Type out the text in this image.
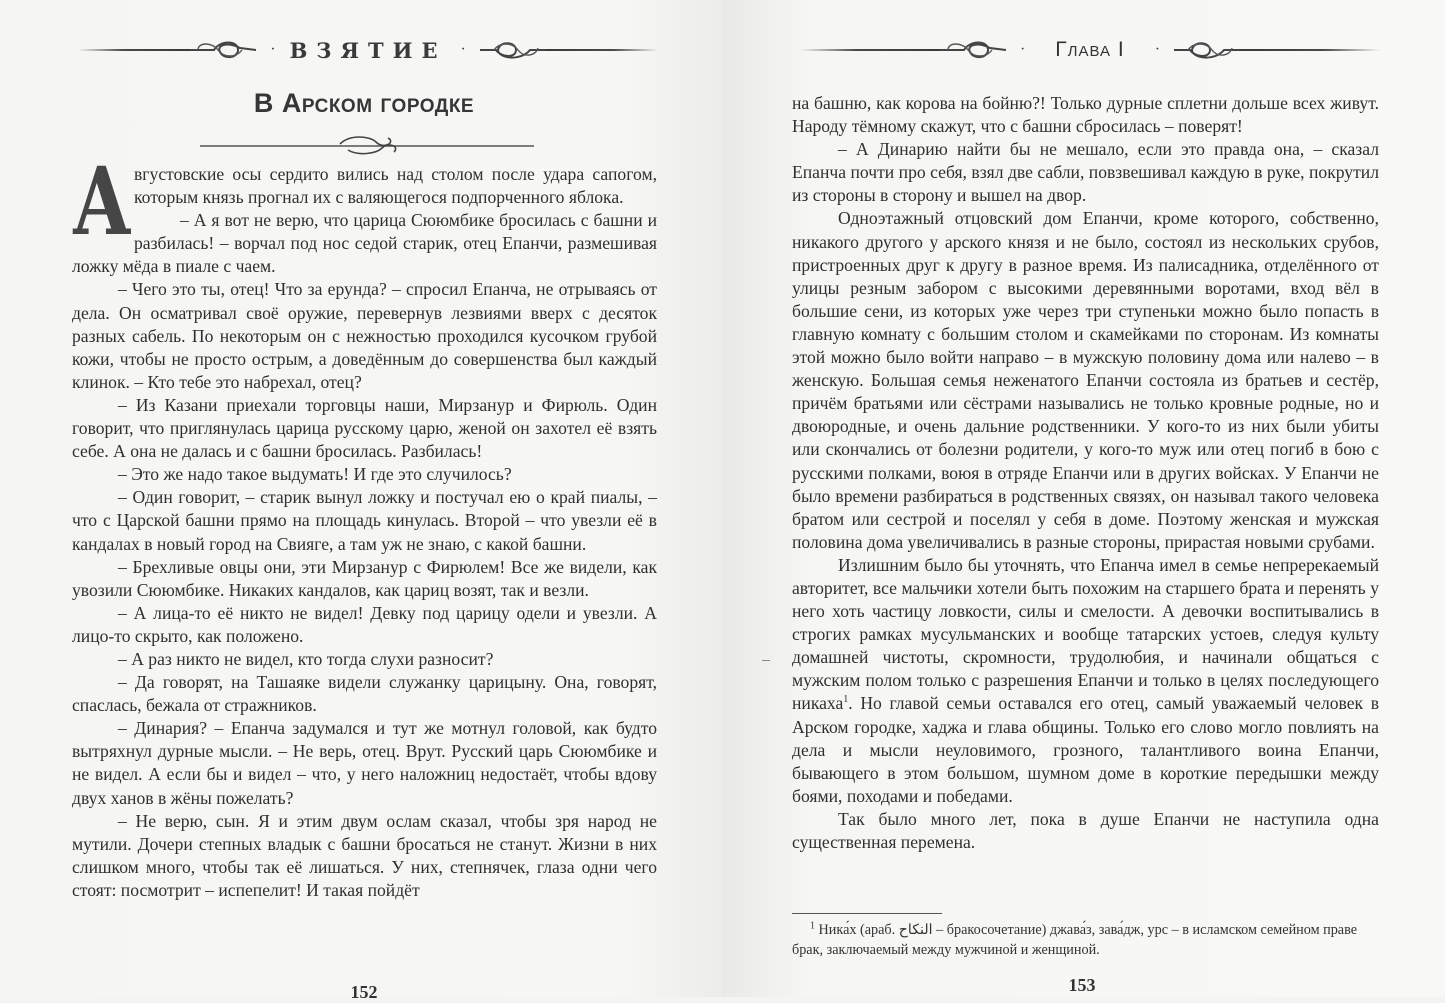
· ВЗЯТИЕ ·
В Арском городке
А вгустовские осы сердито вились над столом после удара сапогом, которым князь прогнал их с валяющегося подпорченного яблока.

– А я вот не верю, что царица Сююмбике бросилась с башни и разбилась! – ворчал под нос седой старик, отец Епанчи, размешивая ложку мёда в пиале с чаем.

– Чего это ты, отец! Что за ерунда? – спросил Епанча, не отрываясь от дела. Он осматривал своё оружие, перевернув лезвиями вверх с десяток разных сабель. По некоторым он с нежностью проходился кусочком грубой кожи, чтобы не просто острым, а доведённым до совершенства был каждый клинок. – Кто тебе это набрехал, отец?

– Из Казани приехали торговцы наши, Мирзанур и Фирюль. Один говорит, что приглянулась царица русскому царю, женой он захотел её взять себе. А она не далась и с башни бросилась. Разбилась!

– Это же надо такое выдумать! И где это случилось?

– Один говорит, – старик вынул ложку и постучал ею о край пиалы, – что с Царской башни прямо на площадь кинулась. Второй – что увезли её в кандалах в новый город на Свияге, а там уж не знаю, с какой башни.

– Брехливые овцы они, эти Мирзанур с Фирюлем! Все же видели, как увозили Сююмбике. Никаких кандалов, как цариц возят, так и везли.

– А лица-то её никто не видел! Девку под царицу одели и увезли. А лицо-то скрыто, как положено.

– А раз никто не видел, кто тогда слухи разносит?

– Да говорят, на Ташаяке видели служанку царицыну. Она, говорят, спаслась, бежала от стражников.

– Динария? – Епанча задумался и тут же мотнул головой, как будто вытряхнул дурные мысли. – Не верь, отец. Врут. Русский царь Сююмбике и не видел. А если бы и видел – что, у него наложниц недостаёт, чтобы вдову двух ханов в жёны пожелать?

– Не верю, сын. Я и этим двум ослам сказал, чтобы зря народ не мутили. Дочери степных владык с башни бросаться не станут. Жизни в них слишком много, чтобы так её лишаться. У них, степнячек, глаза одни чего стоят: посмотрит – испепелит! И такая пойдёт

152
· Глава I ·

на башню, как корова на бойню?! Только дурные сплетни дольше всех живут. Народу тёмному скажут, что с башни сбросилась – поверят!

– А Динарию найти бы не мешало, если это правда она, – сказал Епанча почти про себя, взял две сабли, повзвешивал каждую в руке, покрутил из стороны в сторону и вышел на двор.

Одноэтажный отцовский дом Епанчи, кроме которого, собственно, никакого другого у арского князя и не было, состоял из нескольких срубов, пристроенных друг к другу в разное время. Из палисадника, отделённого от улицы резным забором с высокими деревянными воротами, вход вёл в большие сени, из которых уже через три ступеньки можно было попасть в главную комнату с большим столом и скамейками по сторонам. Из комнаты этой можно было войти направо – в мужскую половину дома или налево – в женскую. Большая семья неженатого Епанчи состояла из братьев и сестёр, причём братьями или сёстрами назывались не только кровные родные, но и двоюродные, и очень дальние родственники. У кого-то из них были убиты или скончались от болезни родители, у кого-то муж или отец погиб в бою с русскими полками, воюя в отряде Епанчи или в других войсках. У Епанчи не было времени разбираться в родственных связях, он называл такого человека братом или сестрой и поселял у себя в доме. Поэтому женская и мужская половина дома увеличивались в разные стороны, прирастая новыми срубами.

Излишним было бы уточнять, что Епанча имел в семье непререкаемый авторитет, все мальчики хотели быть похожим на старшего брата и перенять у него хоть частицу ловкости, силы и смелости. А девочки воспитывались в строгих рамках мусульманских и вообще татарских устоев, следуя культу домашней чистоты, скромности, трудолюбия, и начинали общаться с мужским полом только с разрешения Епанчи и только в целях последующего никаха$^1$. Но главой семьи оставался его отец, самый уважаемый человек в Арском городке, хаджа и глава общины. Только его слово могло повлиять на дела и мысли неуловимого, грозного, талантливого воина Епанчи, бывающего в этом большом, шумном доме в короткие передышки между боями, походами и победами.

Так было много лет, пока в душе Епанчи не наступила одна существенная перемена.

$^1$ Ника́х (араб. النكاح – бракосочетание) джава́з, зава́дж, урс – в исламском семейном праве брак, заключаемый между мужчиной и женщиной.

153
